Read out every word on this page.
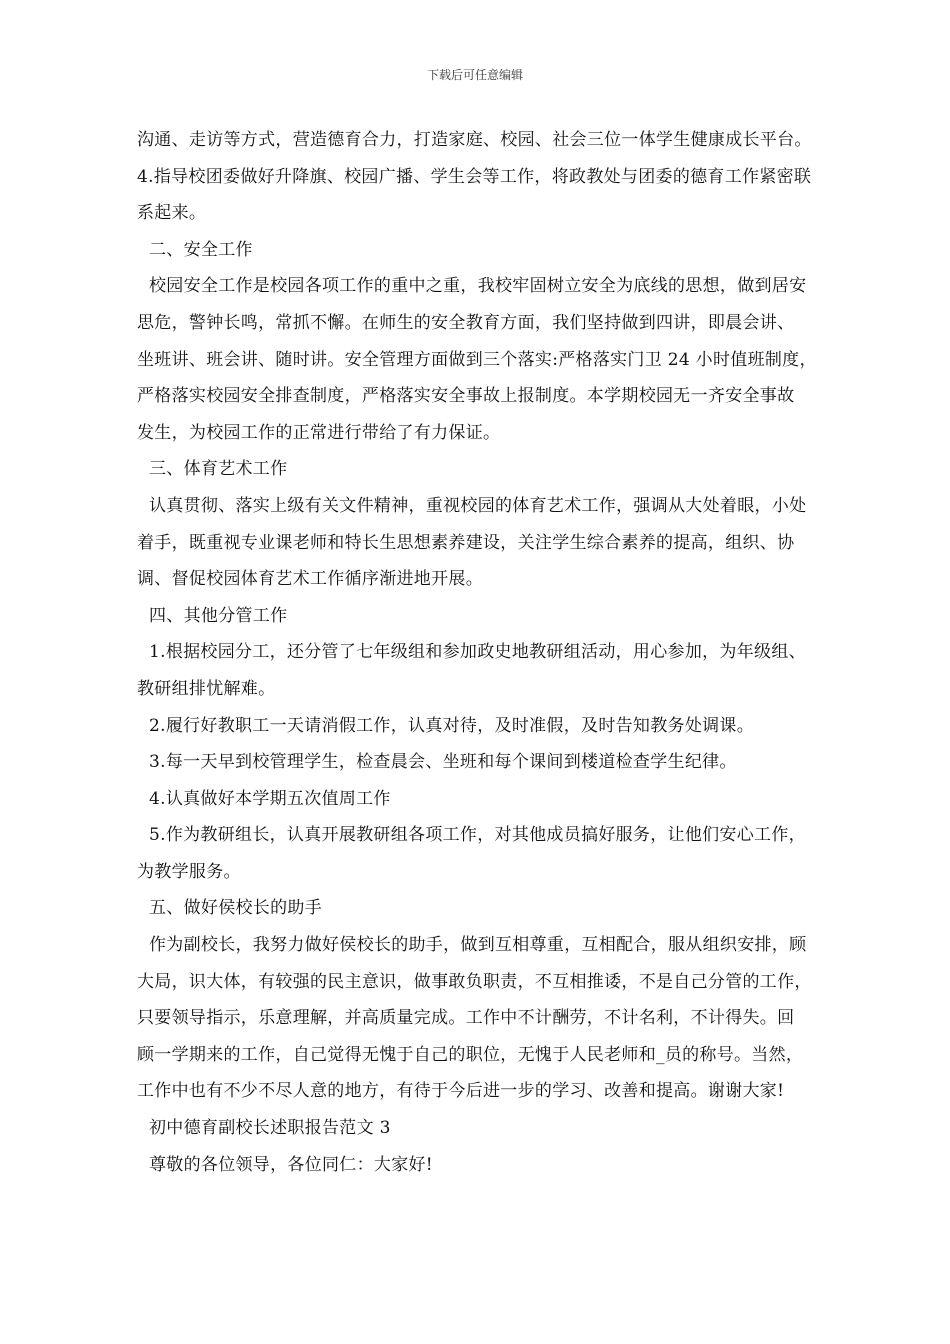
下载后可任意编辑
沟通、走访等方式，营造德育合力，打造家庭、校园、社会三位一体学生健康成长平台。
4.指导校团委做好升降旗、校园广播、学生会等工作，将政教处与团委的德育工作紧密联
系起来。
二、安全工作
校园安全工作是校园各项工作的重中之重，我校牢固树立安全为底线的思想，做到居安
思危，警钟长鸣，常抓不懈。在师生的安全教育方面，我们坚持做到四讲，即晨会讲、
坐班讲、班会讲、随时讲。安全管理方面做到三个落实:严格落实门卫 24 小时值班制度，
严格落实校园安全排查制度，严格落实安全事故上报制度。本学期校园无一齐安全事故
发生，为校园工作的正常进行带给了有力保证。
三、体育艺术工作
认真贯彻、落实上级有关文件精神，重视校园的体育艺术工作，强调从大处着眼，小处
着手，既重视专业课老师和特长生思想素养建设，关注学生综合素养的提高，组织、协
调、督促校园体育艺术工作循序渐进地开展。
四、其他分管工作
1.根据校园分工，还分管了七年级组和参加政史地教研组活动，用心参加，为年级组、
教研组排忧解难。
2.履行好教职工一天请消假工作，认真对待，及时准假，及时告知教务处调课。
3.每一天早到校管理学生，检查晨会、坐班和每个课间到楼道检查学生纪律。
4.认真做好本学期五次值周工作
5.作为教研组长，认真开展教研组各项工作，对其他成员搞好服务，让他们安心工作，
为教学服务。
五、做好侯校长的助手
作为副校长，我努力做好侯校长的助手，做到互相尊重，互相配合，服从组织安排，顾
大局，识大体，有较强的民主意识，做事敢负职责，不互相推诿，不是自己分管的工作，
只要领导指示，乐意理解，并高质量完成。工作中不计酬劳，不计名利，不计得失。回
顾一学期来的工作，自己觉得无愧于自己的职位，无愧于人民老师和_员的称号。当然，
工作中也有不少不尽人意的地方，有待于今后进一步的学习、改善和提高。谢谢大家!
初中德育副校长述职报告范文 3
尊敬的各位领导，各位同仁：大家好!
